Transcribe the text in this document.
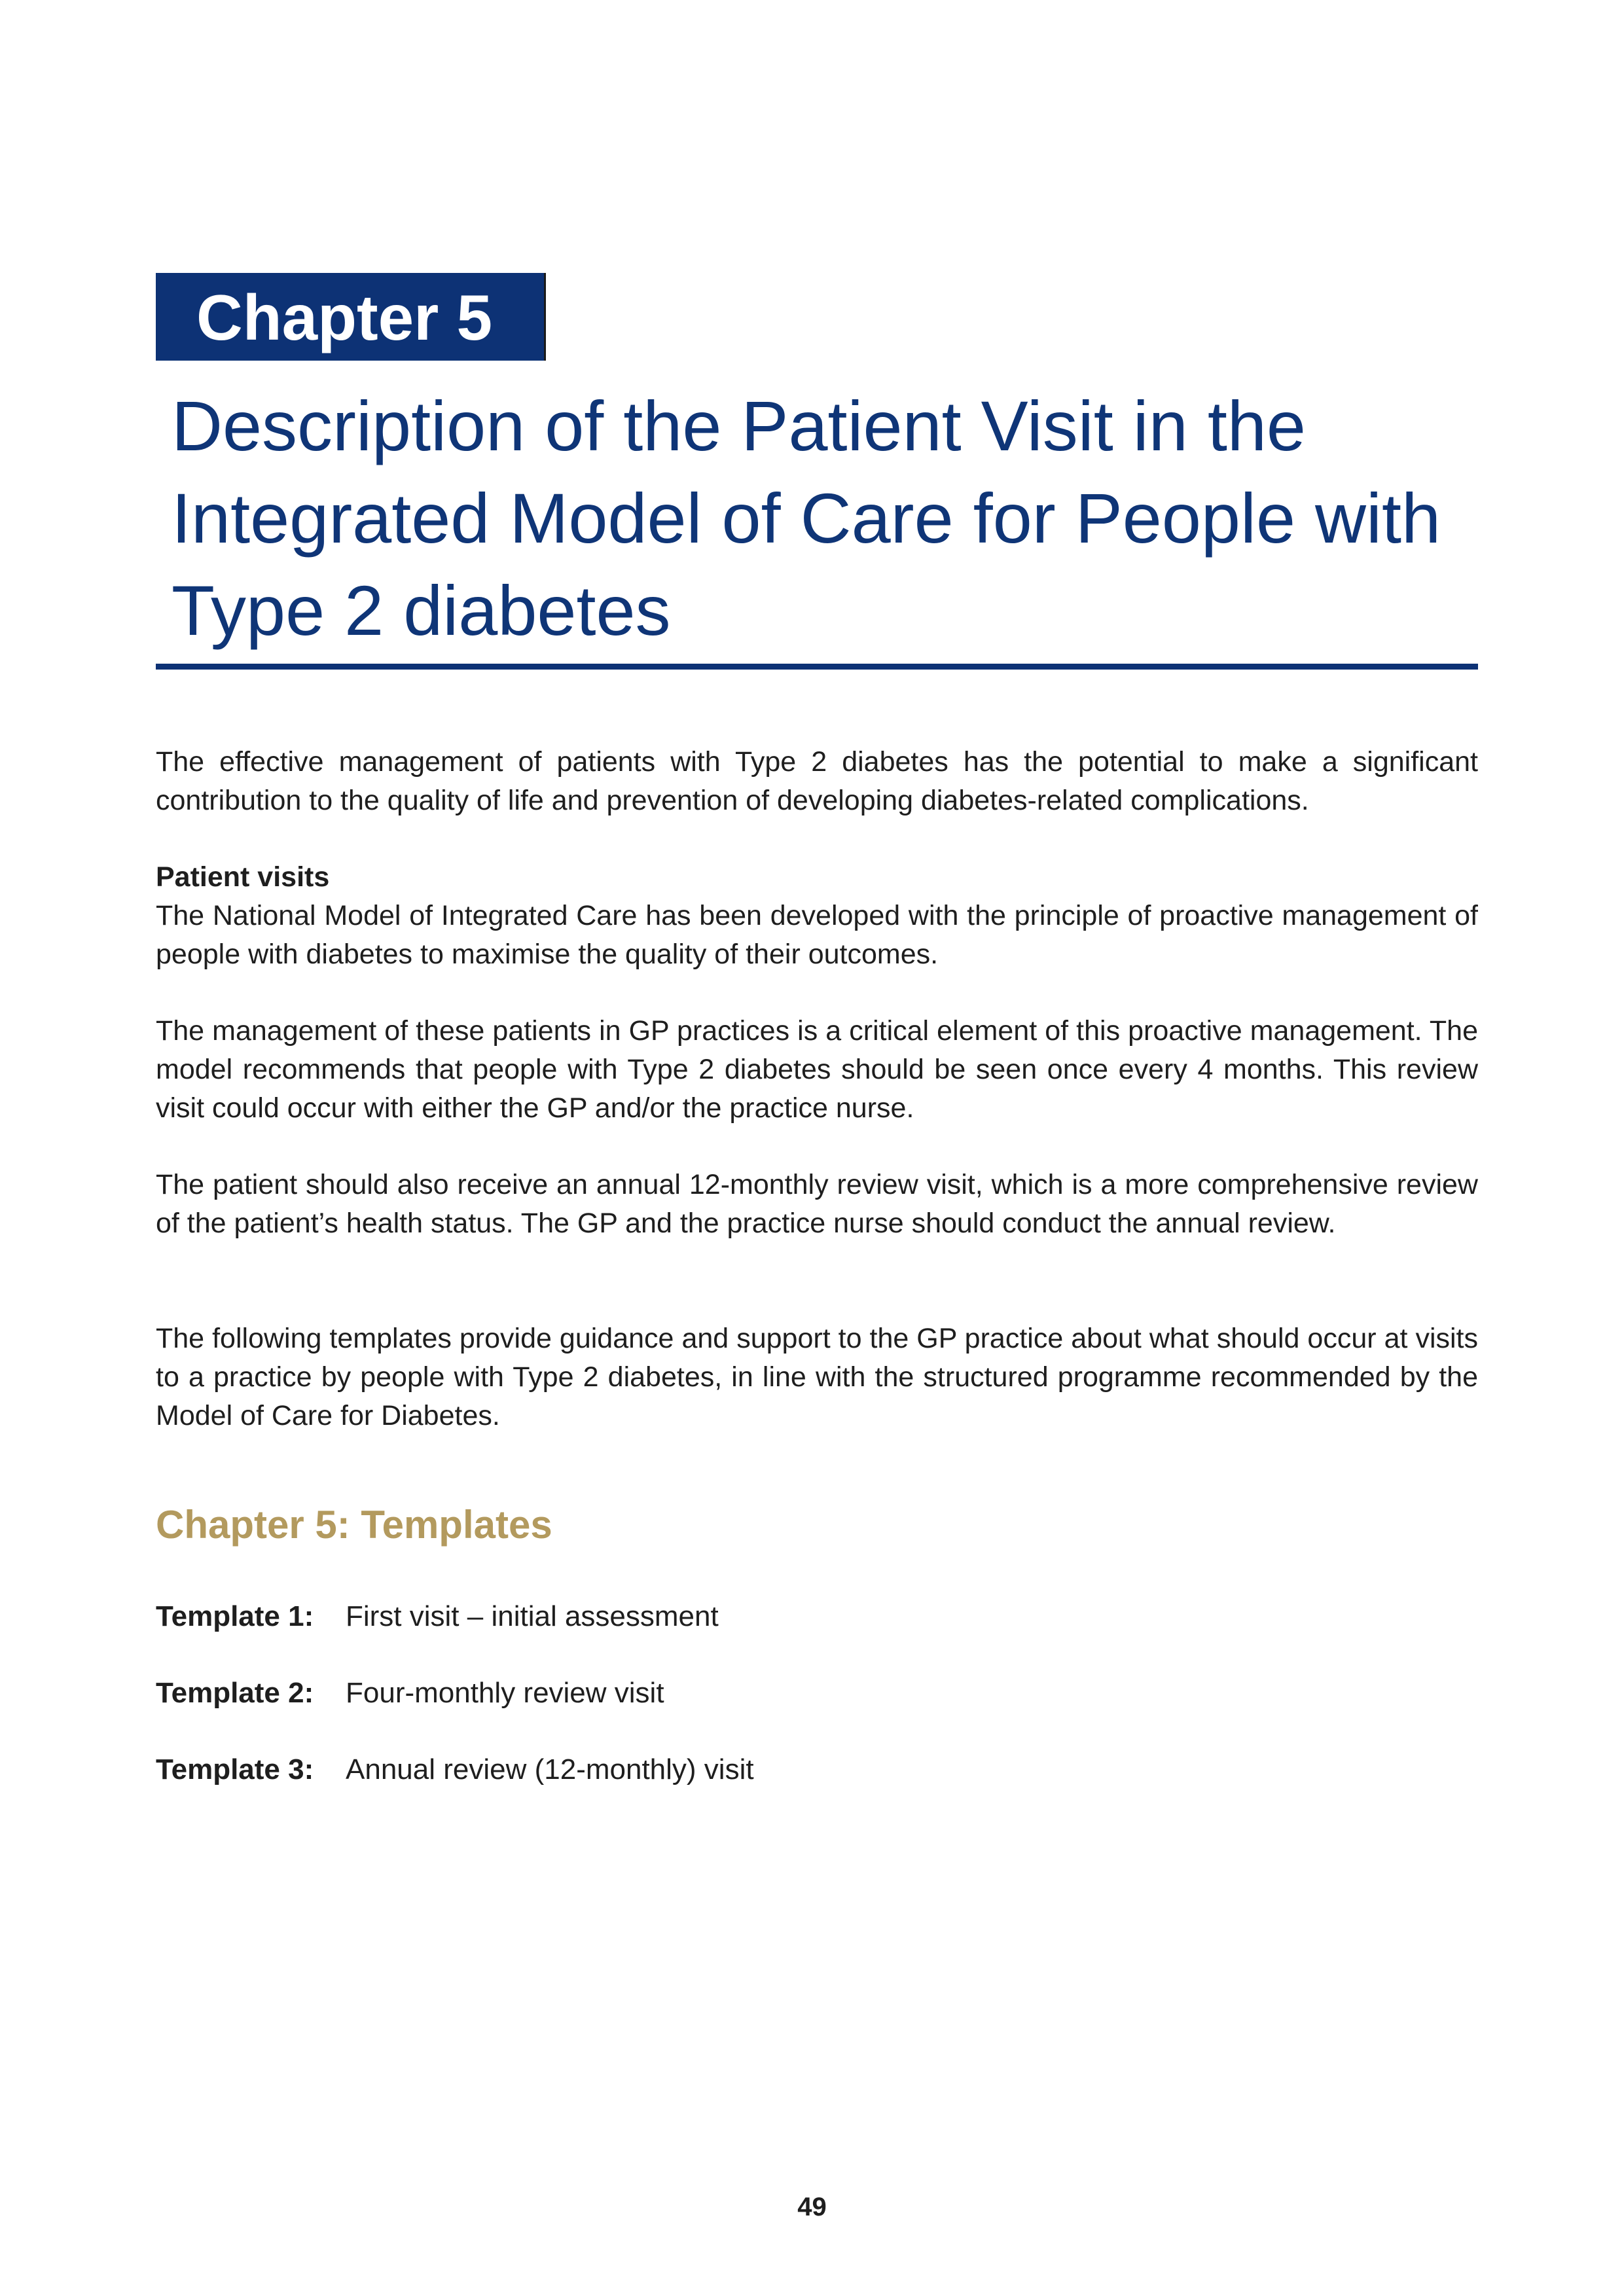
Chapter 5
Description of the Patient Visit in the Integrated Model of Care for People with Type 2 diabetes

The effective management of patients with Type 2 diabetes has the potential to make a significant contribution to the quality of life and prevention of developing diabetes-related complications.

Patient visits

The National Model of Integrated Care has been developed with the principle of proactive management of people with diabetes to maximise the quality of their outcomes.

The management of these patients in GP practices is a critical element of this proactive management. The model recommends that people with Type 2 diabetes should be seen once every 4 months. This review visit could occur with either the GP and/or the practice nurse.

The patient should also receive an annual 12-monthly review visit, which is a more comprehensive review of the patient’s health status. The GP and the practice nurse should conduct the annual review.

The following templates provide guidance and support to the GP practice about what should occur at visits to a practice by people with Type 2 diabetes, in line with the structured programme recommended by the Model of Care for Diabetes.

Chapter 5: Templates
Template 1: First visit – initial assessment
Template 2: Four-monthly review visit
Template 3: Annual review (12-monthly) visit
49
